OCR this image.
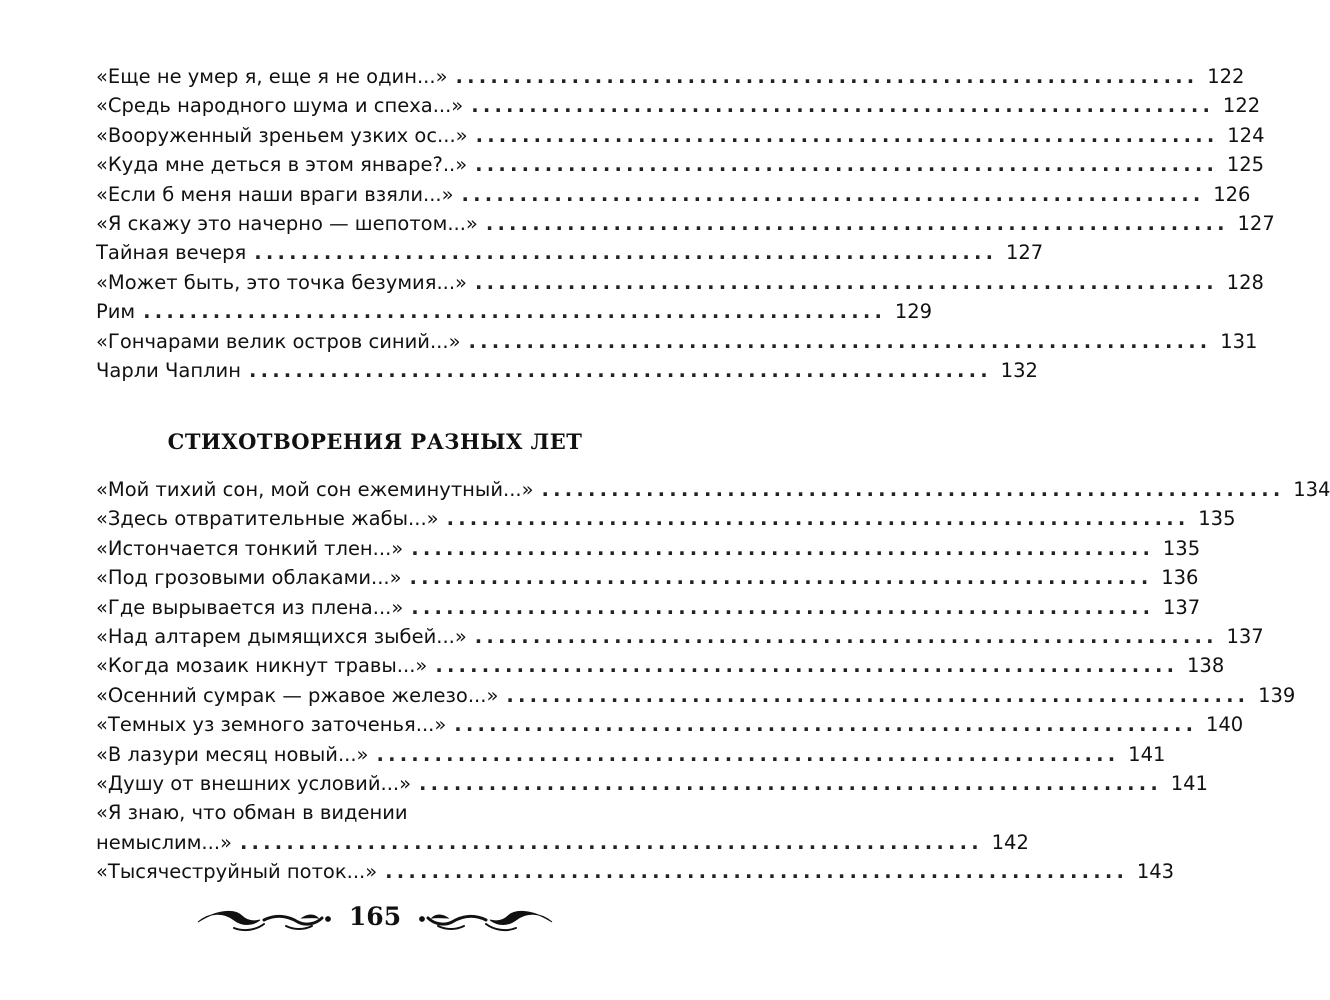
«Еще не умер я, еще я не один...» ................................................................ 122
«Средь народного шума и спеха...» ................................................................ 122
«Вооруженный зреньем узких ос...» ................................................................ 124
«Куда мне деться в этом январе?..» ................................................................ 125
«Если б меня наши враги взяли...» ................................................................ 126
«Я скажу это начерно — шепотом...» ................................................................ 127
Тайная вечеря ................................................................ 127
«Может быть, это точка безумия...» ................................................................ 128
Рим ................................................................ 129
«Гончарами велик остров синий...» ................................................................ 131
Чарли Чаплин ................................................................ 132
СТИХОТВОРЕНИЯ РАЗНЫХ ЛЕТ
«Мой тихий сон, мой сон ежеминутный...» ................................................................ 134
«Здесь отвратительные жабы...» ................................................................ 135
«Истончается тонкий тлен...» ................................................................ 135
«Под грозовыми облаками...» ................................................................ 136
«Где вырывается из плена...» ................................................................ 137
«Над алтарем дымящихся зыбей...» ................................................................ 137
«Когда мозаик никнут травы...» ................................................................ 138
«Осенний сумрак — ржавое железо...» ................................................................ 139
«Темных уз земного заточенья...» ................................................................ 140
«В лазури месяц новый...» ................................................................ 141
«Душу от внешних условий...» ................................................................ 141
«Я знаю, что обман в видении
немыслим...» ................................................................ 142
«Тысячеструйный поток...» ................................................................ 143
165
